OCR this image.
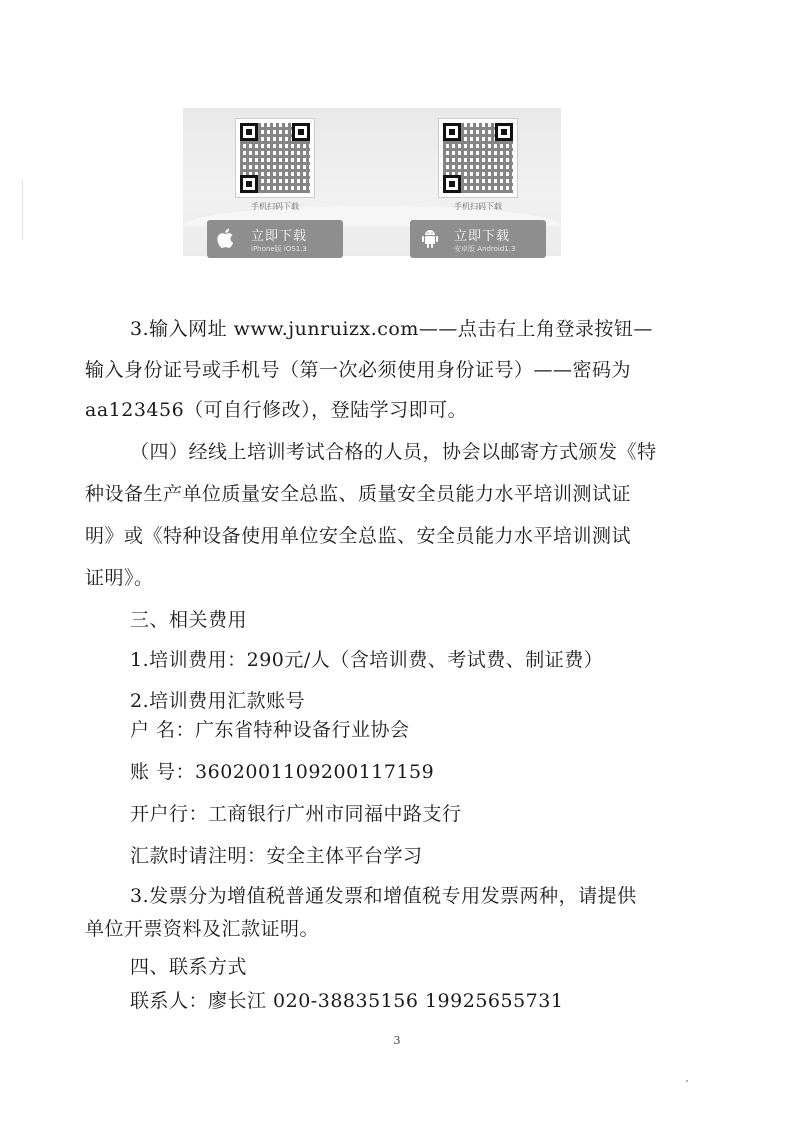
手机扫码下载
立即下载
iPhone版 iOS1.3
手机扫码下载
立即下载
安卓版 Android1.3
3.输入网址 www.junruizx.com——点击右上角登录按钮—
输入身份证号或手机号（第一次必须使用身份证号）——密码为
aa123456（可自行修改），登陆学习即可。
（四）经线上培训考试合格的人员，协会以邮寄方式颁发《特
种设备生产单位质量安全总监、质量安全员能力水平培训测试证
明》或《特种设备使用单位安全总监、安全员能力水平培训测试
证明》。
三、相关费用
1.培训费用：290元/人（含培训费、考试费、制证费）
2.培训费用汇款账号
户 名：广东省特种设备行业协会
账 号：3602001109200117159
开户行：工商银行广州市同福中路支行
汇款时请注明：安全主体平台学习
3.发票分为增值税普通发票和增值税专用发票两种，请提供
单位开票资料及汇款证明。
四、联系方式
联系人：廖长江 020-38835156 19925655731
3
